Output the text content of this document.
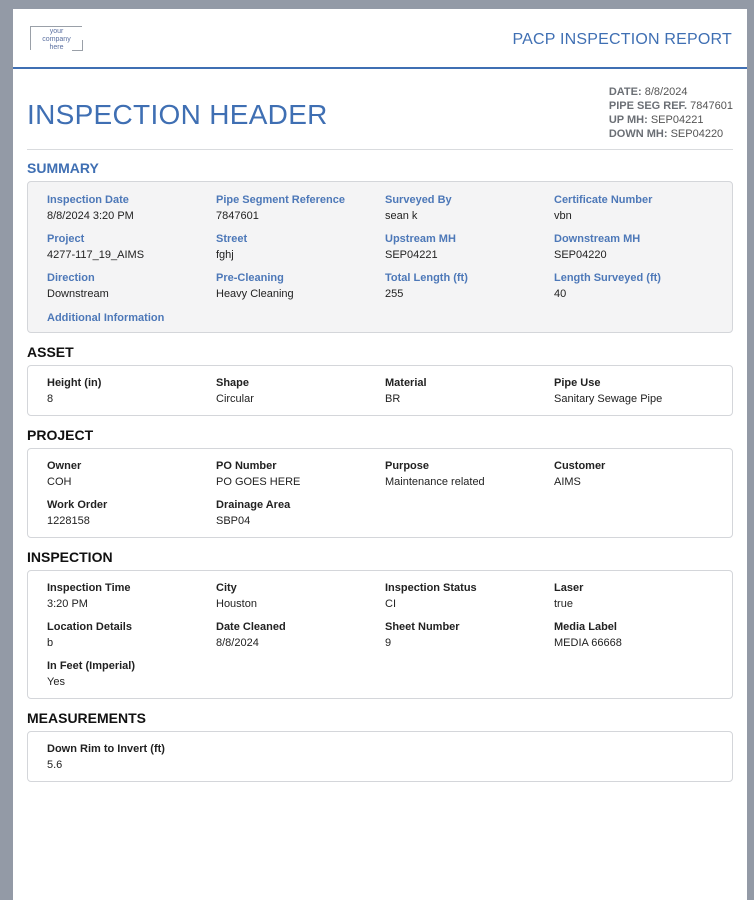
your
company
here	PACP INSPECTION REPORT
INSPECTION HEADER
DATE: 8/8/2024
PIPE SEG REF. 7847601
UP MH: SEP04221
DOWN MH: SEP04220
SUMMARY
Inspection Date
8/8/2024 3:20 PM
Pipe Segment Reference
7847601
Surveyed By
sean k
Certificate Number
vbn
Project
4277-117_19_AIMS
Street
fghj
Upstream MH
SEP04221
Downstream MH
SEP04220
Direction
Downstream
Pre-Cleaning
Heavy Cleaning
Total Length (ft)
255
Length Surveyed (ft)
40
Additional Information
ASSET
Height (in)
8
Shape
Circular
Material
BR
Pipe Use
Sanitary Sewage Pipe
PROJECT
Owner
COH
PO Number
PO GOES HERE
Purpose
Maintenance related
Customer
AIMS
Work Order
1228158
Drainage Area
SBP04
INSPECTION
Inspection Time
3:20 PM
City
Houston
Inspection Status
CI
Laser
true
Location Details
b
Date Cleaned
8/8/2024
Sheet Number
9
Media Label
MEDIA 66668
In Feet (Imperial)
Yes
MEASUREMENTS
Down Rim to Invert (ft)
5.6
